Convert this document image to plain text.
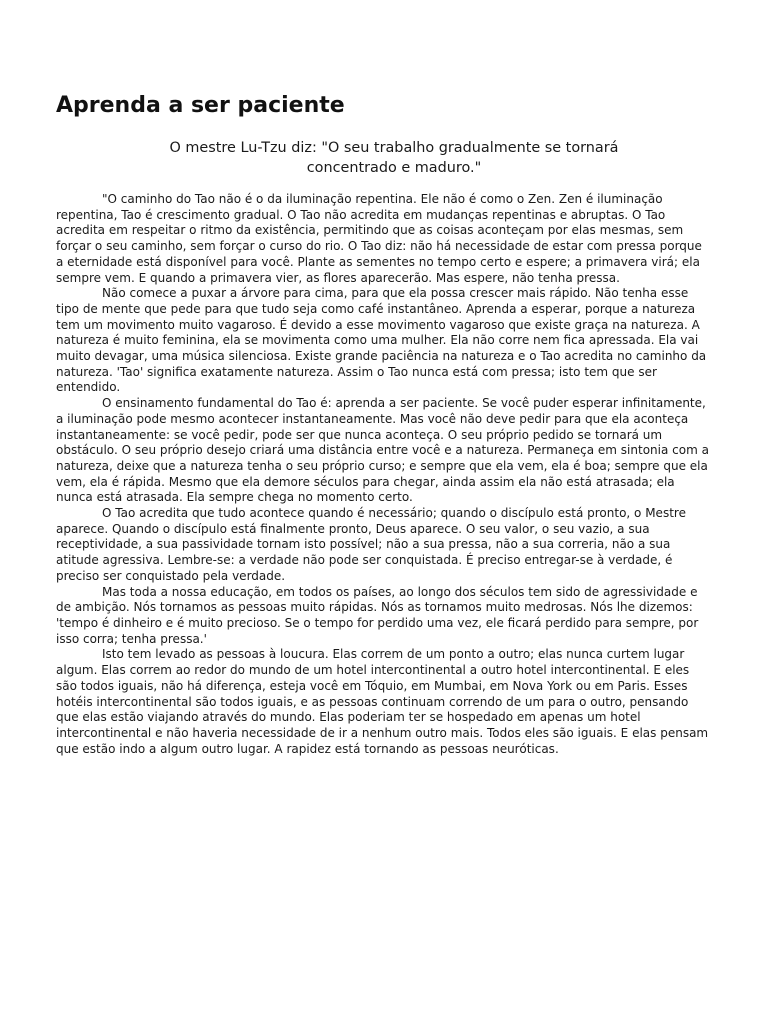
Aprenda a ser paciente

O mestre Lu-Tzu diz: "O seu trabalho gradualmente se tornará concentrado e maduro."

"O caminho do Tao não é o da iluminação repentina. Ele não é como o Zen. Zen é iluminação repentina, Tao é crescimento gradual. O Tao não acredita em mudanças repentinas e abruptas. O Tao acredita em respeitar o ritmo da existência, permitindo que as coisas aconteçam por elas mesmas, sem forçar o seu caminho, sem forçar o curso do rio. O Tao diz: não há necessidade de estar com pressa porque a eternidade está disponível para você. Plante as sementes no tempo certo e espere; a primavera virá; ela sempre vem. E quando a primavera vier, as flores aparecerão. Mas espere, não tenha pressa.

Não comece a puxar a árvore para cima, para que ela possa crescer mais rápido. Não tenha esse tipo de mente que pede para que tudo seja como café instantâneo. Aprenda a esperar, porque a natureza tem um movimento muito vagaroso. É devido a esse movimento vagaroso que existe graça na natureza. A natureza é muito feminina, ela se movimenta como uma mulher. Ela não corre nem fica apressada. Ela vai muito devagar, uma música silenciosa. Existe grande paciência na natureza e o Tao acredita no caminho da natureza. 'Tao' significa exatamente natureza. Assim o Tao nunca está com pressa; isto tem que ser entendido.

O ensinamento fundamental do Tao é: aprenda a ser paciente. Se você puder esperar infinitamente, a iluminação pode mesmo acontecer instantaneamente. Mas você não deve pedir para que ela aconteça instantaneamente: se você pedir, pode ser que nunca aconteça. O seu próprio pedido se tornará um obstáculo. O seu próprio desejo criará uma distância entre você e a natureza. Permaneça em sintonia com a natureza, deixe que a natureza tenha o seu próprio curso; e sempre que ela vem, ela é boa; sempre que ela vem, ela é rápida. Mesmo que ela demore séculos para chegar, ainda assim ela não está atrasada; ela nunca está atrasada. Ela sempre chega no momento certo.

O Tao acredita que tudo acontece quando é necessário; quando o discípulo está pronto, o Mestre aparece. Quando o discípulo está finalmente pronto, Deus aparece. O seu valor, o seu vazio, a sua receptividade, a sua passividade tornam isto possível; não a sua pressa, não a sua correria, não a sua atitude agressiva. Lembre-se: a verdade não pode ser conquistada. É preciso entregar-se à verdade, é preciso ser conquistado pela verdade.

Mas toda a nossa educação, em todos os países, ao longo dos séculos tem sido de agressividade e de ambição. Nós tornamos as pessoas muito rápidas. Nós as tornamos muito medrosas. Nós lhe dizemos: 'tempo é dinheiro e é muito precioso. Se o tempo for perdido uma vez, ele ficará perdido para sempre, por isso corra; tenha pressa.'

Isto tem levado as pessoas à loucura. Elas correm de um ponto a outro; elas nunca curtem lugar algum. Elas correm ao redor do mundo de um hotel intercontinental a outro hotel intercontinental. E eles são todos iguais, não há diferença, esteja você em Tóquio, em Mumbai, em Nova York ou em Paris. Esses hotéis intercontinental são todos iguais, e as pessoas continuam correndo de um para o outro, pensando que elas estão viajando através do mundo. Elas poderiam ter se hospedado em apenas um hotel intercontinental e não haveria necessidade de ir a nenhum outro mais. Todos eles são iguais. E elas pensam que estão indo a algum outro lugar. A rapidez está tornando as pessoas neuróticas.
